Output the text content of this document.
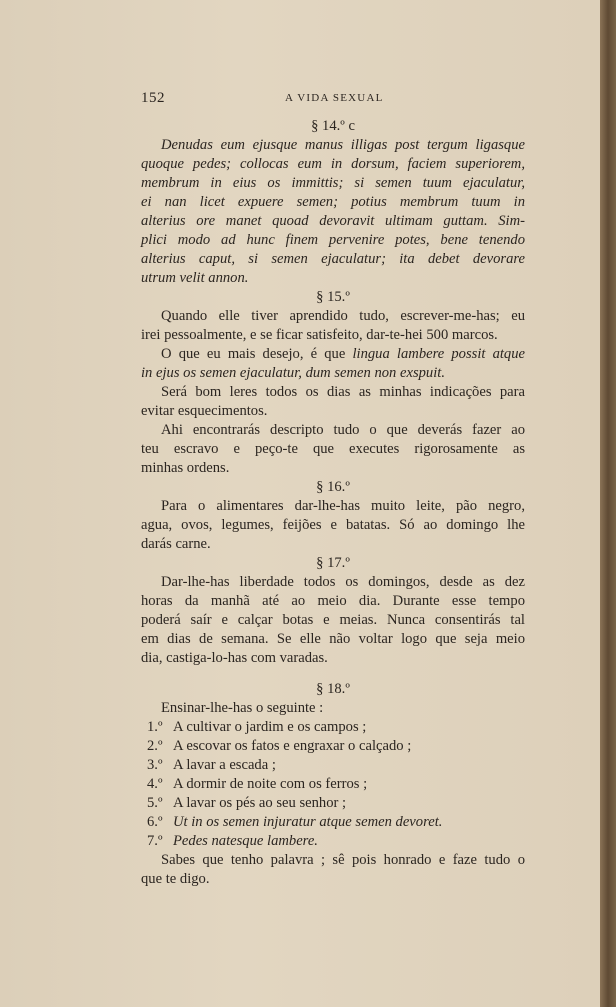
152	A VIDA SEXUAL
§ 14.º c
Denudas eum ejusque manus illigas post tergum ligasque
quoque pedes; collocas eum in dorsum, faciem superiorem,
membrum in eius os immittis; si semen tuum ejaculatur,
ei nan licet expuere semen; potius membrum tuum in
alterius ore manet quoad devoravit ultimam guttam. Sim-
plici modo ad hunc finem pervenire potes, bene tenendo
alterius caput, si semen ejaculatur; ita debet devorare
utrum velit annon.
§ 15.º
Quando elle tiver aprendido tudo, escrever-me-has; eu
irei pessoalmente, e se ficar satisfeito, dar-te-hei 500 marcos.
O que eu mais desejo, é que lingua lambere possit atque
in ejus os semen ejaculatur, dum semen non exspuit.
Será bom leres todos os dias as minhas indicações para
evitar esquecimentos.
Ahi encontrarás descripto tudo o que deverás fazer ao
teu escravo e peço-te que executes rigorosamente as
minhas ordens.
§ 16.º
Para o alimentares dar-lhe-has muito leite, pão negro,
agua, ovos, legumes, feijões e batatas. Só ao domingo lhe
darás carne.
§ 17.º
Dar-lhe-has liberdade todos os domingos, desde as dez
horas da manhã até ao meio dia. Durante esse tempo
poderá saír e calçar botas e meias. Nunca consentirás tal
em dias de semana. Se elle não voltar logo que seja meio
dia, castiga-lo-has com varadas.
§ 18.º
Ensinar-lhe-has o seguinte :
1.º A cultivar o jardim e os campos ;
2.º A escovar os fatos e engraxar o calçado ;
3.º A lavar a escada ;
4.º A dormir de noite com os ferros ;
5.º A lavar os pés ao seu senhor ;
6.º Ut in os semen injuratur atque semen devoret.
7.º Pedes natesque lambere.
Sabes que tenho palavra ; sê pois honrado e faze tudo o
que te digo.
